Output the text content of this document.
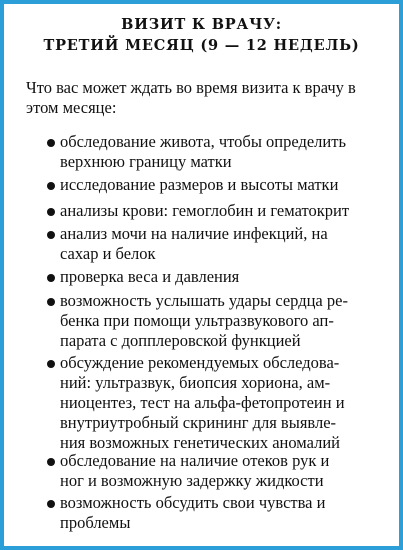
ВИЗИТ К ВРАЧУ:
ТРЕТИЙ МЕСЯЦ (9 — 12 НЕДЕЛЬ)
Что вас может ждать во время визита к врачу в
этом месяце:
обследование живота, чтобы определить
верхнюю границу матки
исследование размеров и высоты матки
анализы крови: гемоглобин и гематокрит
анализ мочи на наличие инфекций, на
сахар и белок
проверка веса и давления
возможность услышать удары сердца ре-
бенка при помощи ультразвукового ап-
парата с допплеровской функцией
обсуждение рекомендуемых обследова-
ний: ультразвук, биопсия хориона, ам-
ниоцентез, тест на альфа-фетопротеин и
внутриутробный скрининг для выявле-
ния возможных генетических аномалий
обследование на наличие отеков рук и
ног и возможную задержку жидкости
возможность обсудить свои чувства и
проблемы
